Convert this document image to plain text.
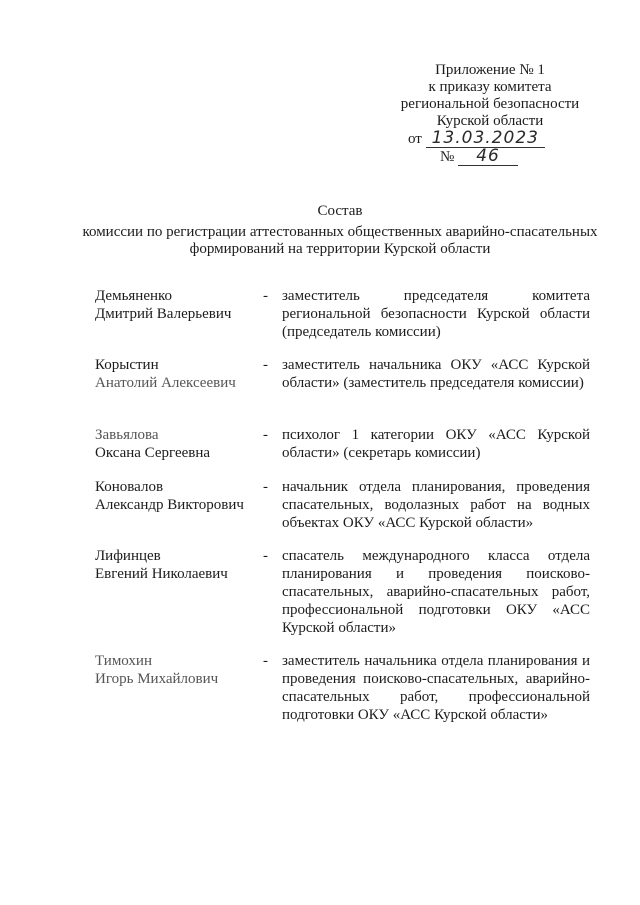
Приложение № 1
к приказу комитета
региональной безопасности
Курской области
от 13.03.2023
№ 46
Состав
комиссии по регистрации аттестованных общественных аварийно-спасательных формирований на территории Курской области
Демьяненко
Дмитрий Валерьевич
- заместитель председателя комитета региональной безопасности Курской области (председатель комиссии)
Корыстин
Анатолий Алексеевич
- заместитель начальника ОКУ «АСС Курской области» (заместитель председателя комиссии)
Завьялова
Оксана Сергеевна
- психолог 1 категории ОКУ «АСС Курской области» (секретарь комиссии)
Коновалов
Александр Викторович
- начальник отдела планирования, проведения спасательных, водолазных работ на водных объектах ОКУ «АСС Курской области»
Лифинцев
Евгений Николаевич
- спасатель международного класса отдела планирования и проведения поисково-спасательных, аварийно-спасательных работ, профессиональной подготовки ОКУ «АСС Курской области»
Тимохин
Игорь Михайлович
- заместитель начальника отдела планирования и проведения поисково-спасательных, аварийно-спасательных работ, профессиональной подготовки ОКУ «АСС Курской области»
